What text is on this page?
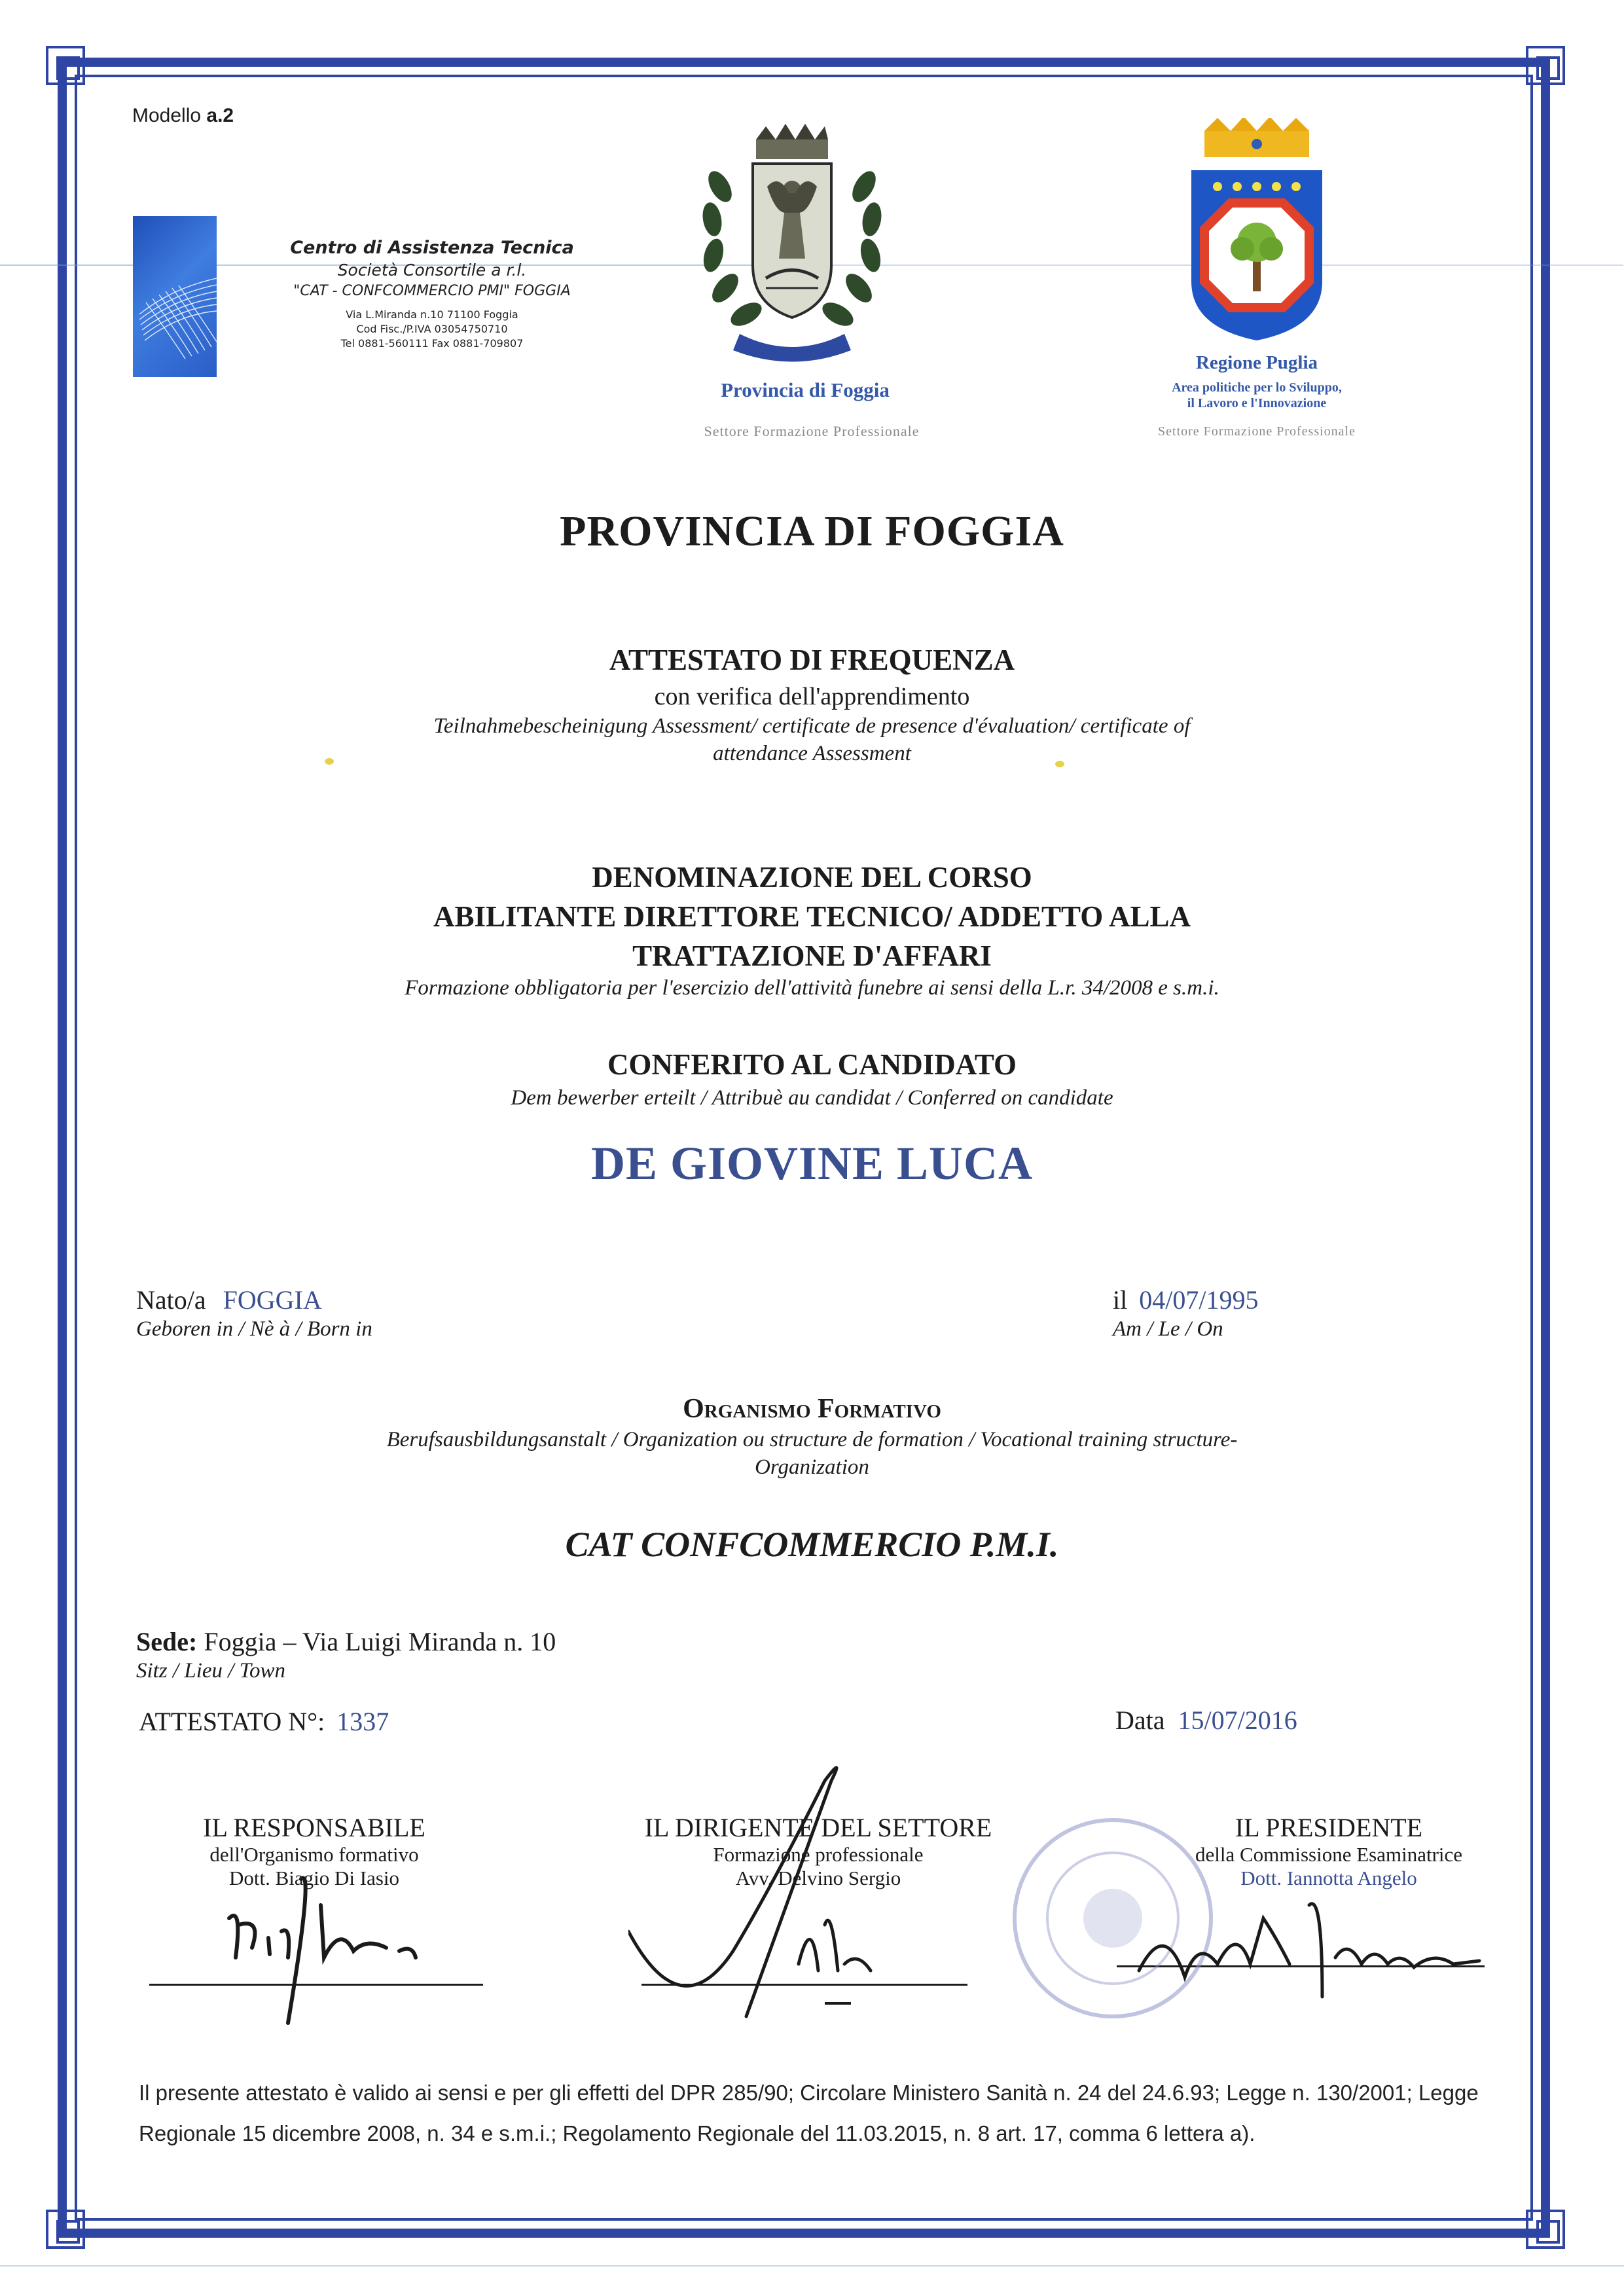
Modello a.2
Centro di Assistenza Tecnica
Società Consortile a r.l.
"CAT - CONFCOMMERCIO PMI" FOGGIA
Via L.Miranda n.10 71100 Foggia
Cod Fisc./P.IVA 03054750710
Tel 0881-560111 Fax 0881-709807
Provincia di Foggia
Settore Formazione Professionale
Regione Puglia
Area politiche per lo Sviluppo,
il Lavoro e l'Innovazione
Settore Formazione Professionale
PROVINCIA DI FOGGIA
ATTESTATO DI FREQUENZA
con verifica dell'apprendimento
Teilnahmebescheinigung Assessment/ certificate de presence d'évaluation/ certificate of
attendance Assessment
DENOMINAZIONE DEL CORSO
ABILITANTE DIRETTORE TECNICO/ ADDETTO ALLA
TRATTAZIONE D'AFFARI
Formazione obbligatoria per l'esercizio dell'attività funebre ai sensi della L.r. 34/2008 e s.m.i.
CONFERITO AL CANDIDATO
Dem bewerber erteilt / Attribuè au candidat / Conferred on candidate
DE GIOVINE LUCA
Nato/a FOGGIA
Geboren in / Nè à / Born in
il 04/07/1995
Am / Le / On
Organismo Formativo
Berufsausbildungsanstalt / Organization ou structure de formation / Vocational training structure-
Organization
CAT CONFCOMMERCIO P.M.I.
Sede: Foggia – Via Luigi Miranda n. 10
Sitz / Lieu / Town
ATTESTATO N°: 1337	Data 15/07/2016
IL RESPONSABILE
dell'Organismo formativo
Dott. Biagio Di Iasio
IL DIRIGENTE DEL SETTORE
Formazione professionale
Avv. Delvino Sergio
IL PRESIDENTE
della Commissione Esaminatrice
Dott. Iannotta Angelo
Il presente attestato è valido ai sensi e per gli effetti del DPR 285/90; Circolare Ministero Sanità n. 24 del 24.6.93; Legge n. 130/2001; Legge Regionale 15 dicembre 2008, n. 34 e s.m.i.; Regolamento Regionale del 11.03.2015, n. 8 art. 17, comma 6 lettera a).
